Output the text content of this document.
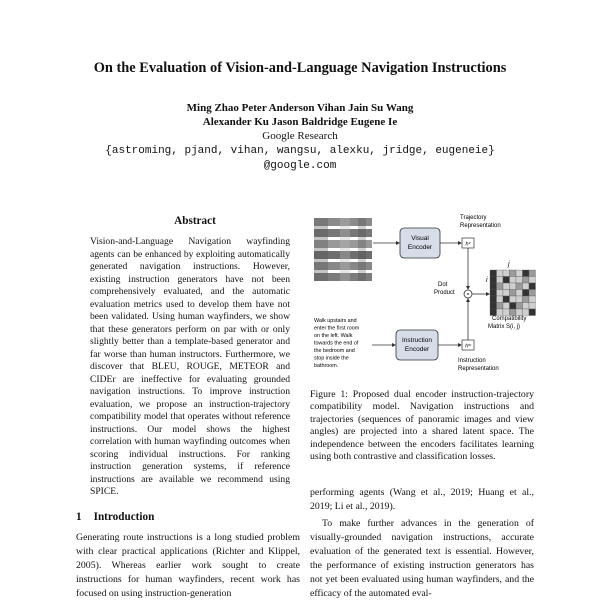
On the Evaluation of Vision-and-Language Navigation Instructions
Ming Zhao Peter Anderson Vihan Jain Su Wang
Alexander Ku Jason Baldridge Eugene Ie
Google Research
{astroming, pjand, vihan, wangsu, alexku, jridge, eugeneie}
@google.com
Abstract

Vision-and-Language Navigation wayfinding agents can be enhanced by exploiting automatically generated navigation instructions. However, existing instruction generators have not been comprehensively evaluated, and the automatic evaluation metrics used to develop them have not been validated. Using human wayfinders, we show that these generators perform on par with or only slightly better than a template-based generator and far worse than human instructors. Furthermore, we discover that BLEU, ROUGE, METEOR and CIDEr are ineffective for evaluating grounded navigation instructions. To improve instruction evaluation, we propose an instruction-trajectory compatibility model that operates without reference instructions. Our model shows the highest correlation with human wayfinding outcomes when scoring individual instructions. For ranking instruction generation systems, if reference instructions are available we recommend using SPICE.

1 Introduction

Generating route instructions is a long studied problem with clear practical applications (Richter and Klippel, 2005). Whereas earlier work sought to create instructions for human wayfinders, recent work has focused on using instruction-generation

Visual
Encoder	hᵛ
Trajectory
Representation
Dot
Product
j
i
Compatibility
Matrix S(i, j)
Walk upstairs and
enter the first room
on the left. Walk
towards the end of
the bedroom and
stop inside the
bathroom.
Instruction
Encoder	hʷ
Instruction
Representation

Figure 1: Proposed dual encoder instruction-trajectory compatibility model. Navigation instructions and trajectories (sequences of panoramic images and view angles) are projected into a shared latent space. The independence between the encoders facilitates learning using both contrastive and classification losses.

performing agents (Wang et al., 2019; Huang et al., 2019; Li et al., 2019).

To make further advances in the generation of visually-grounded navigation instructions, accurate evaluation of the generated text is essential. However, the performance of existing instruction generators has not yet been evaluated using human wayfinders, and the efficacy of the automated eval-
